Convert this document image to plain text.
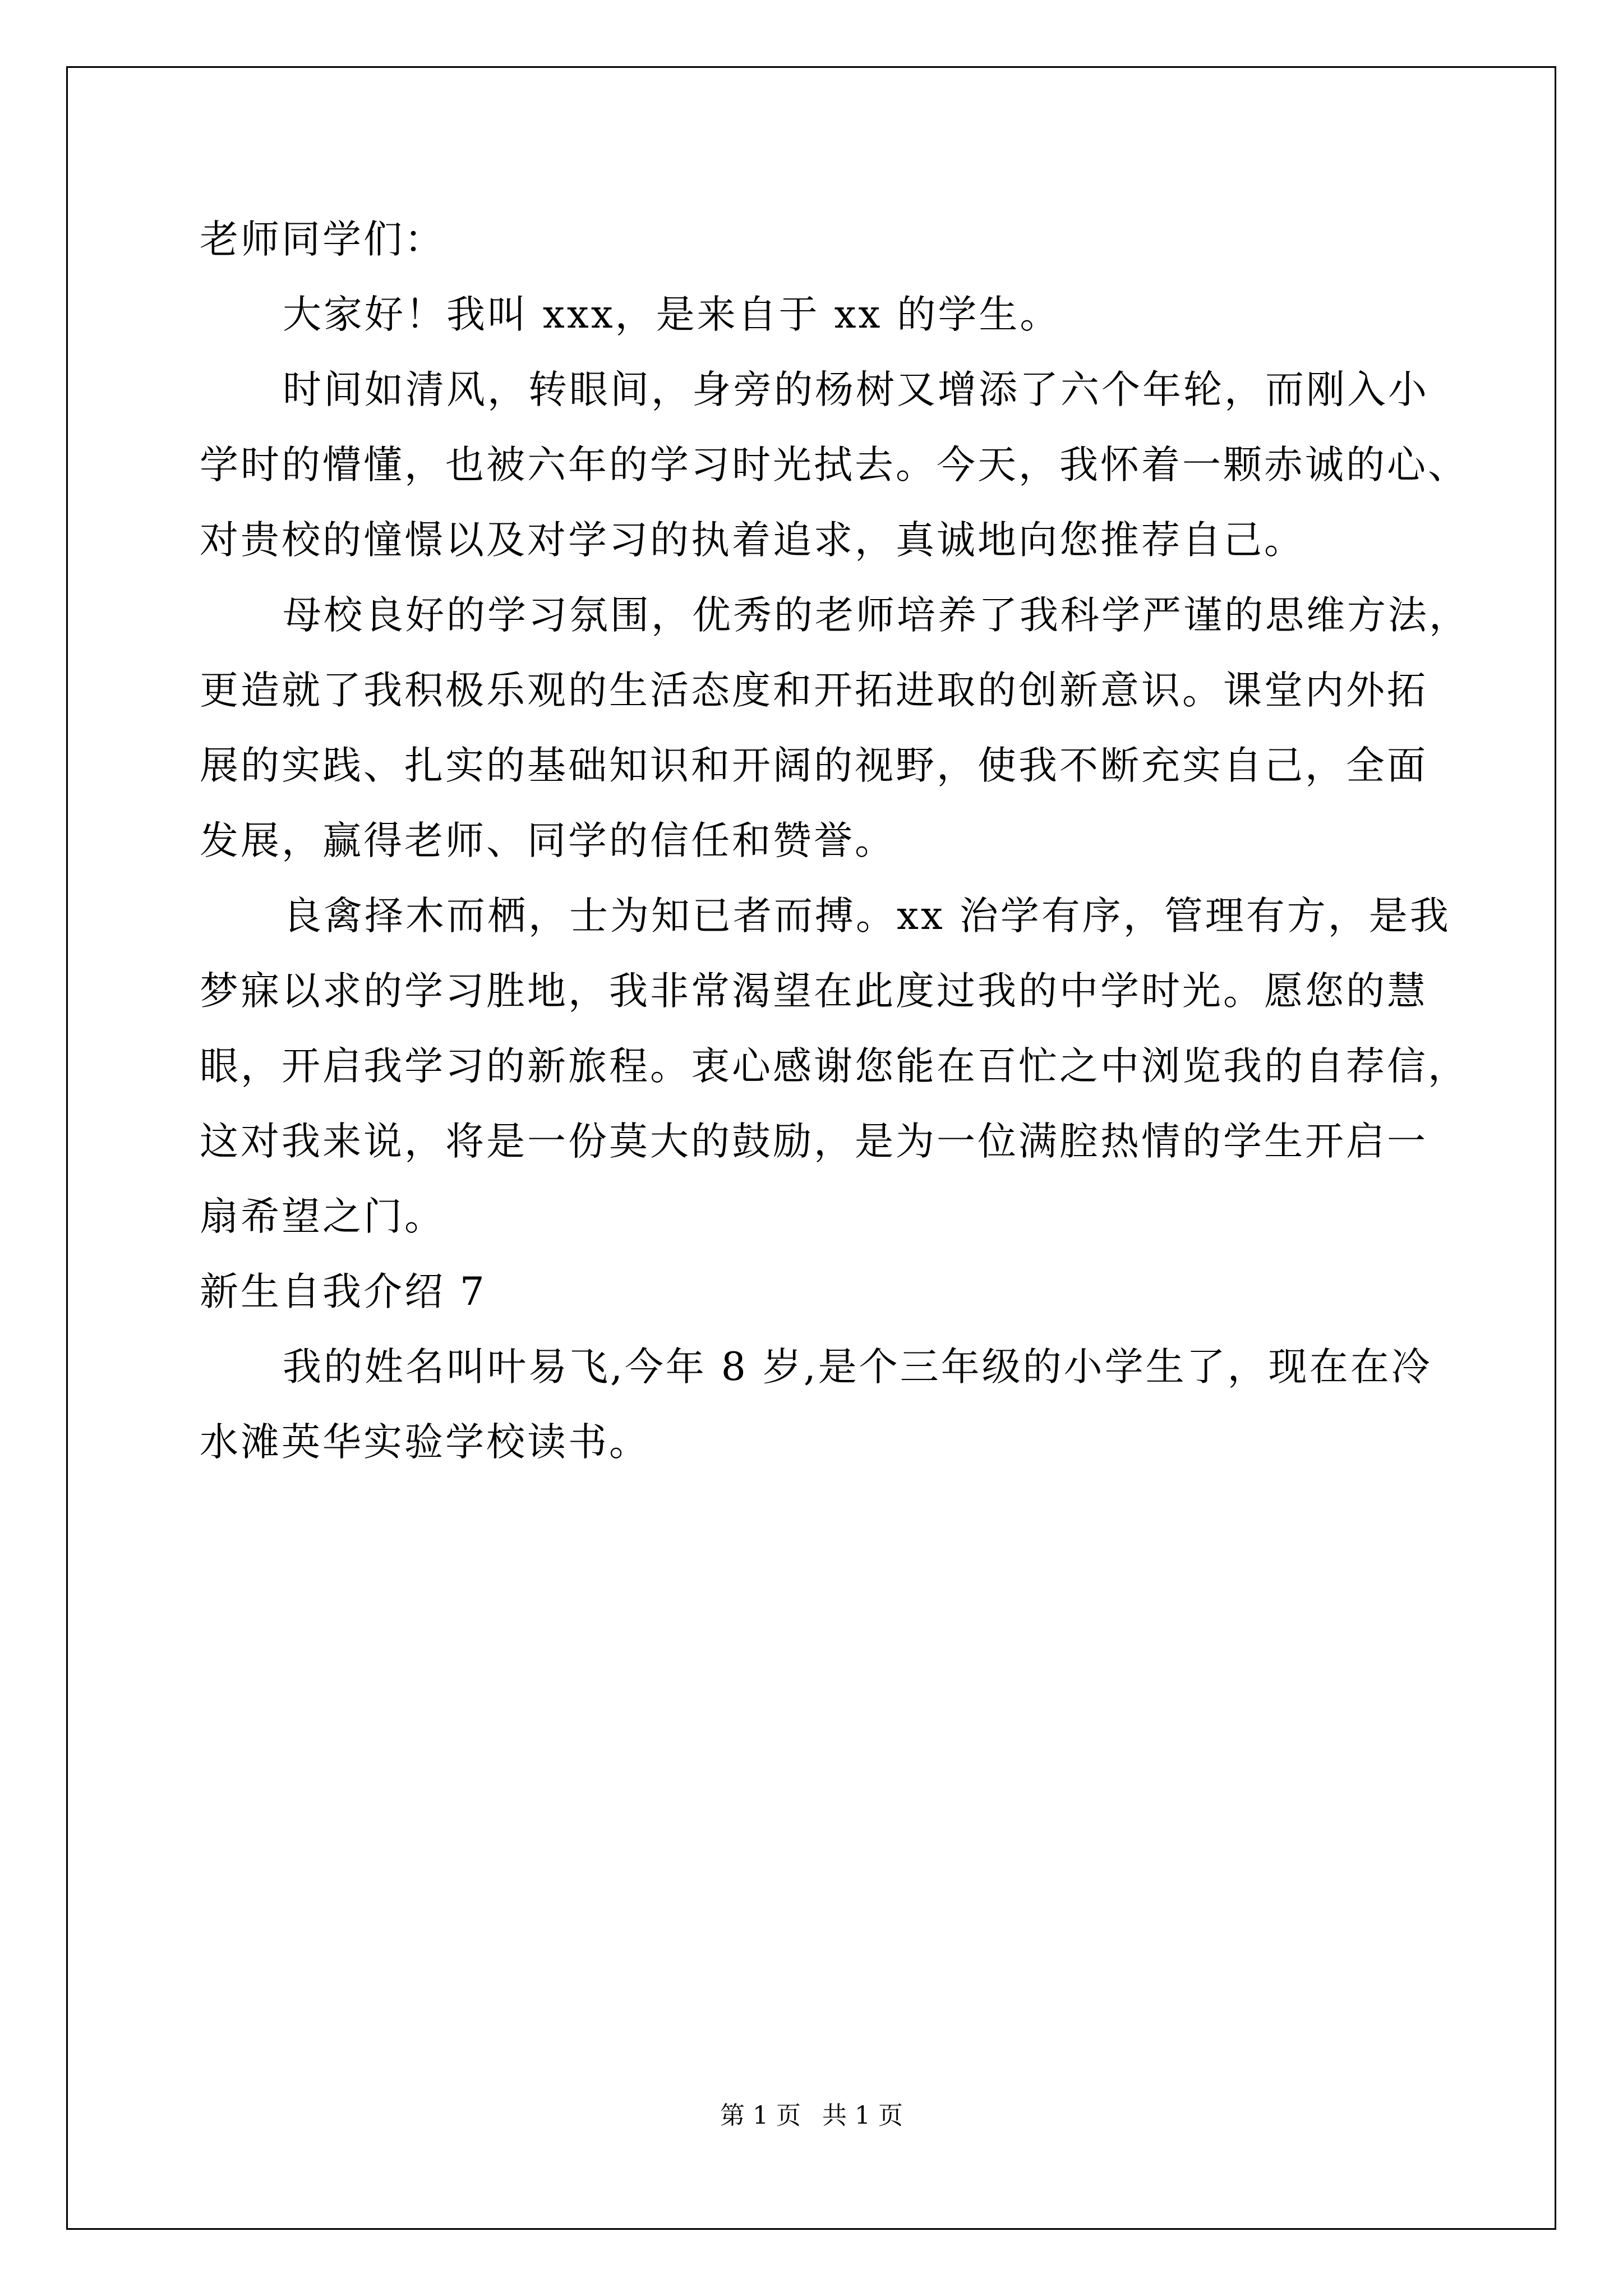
老师同学们：
大家好！我叫 xxx，是来自于 xx 的学生。
时间如清风，转眼间，身旁的杨树又增添了六个年轮，而刚入小
学时的懵懂，也被六年的学习时光拭去。今天，我怀着一颗赤诚的心、
对贵校的憧憬以及对学习的执着追求，真诚地向您推荐自己。
母校良好的学习氛围，优秀的老师培养了我科学严谨的思维方法，
更造就了我积极乐观的生活态度和开拓进取的创新意识。课堂内外拓
展的实践、扎实的基础知识和开阔的视野，使我不断充实自己，全面
发展，赢得老师、同学的信任和赞誉。
良禽择木而栖，士为知已者而搏。xx 治学有序，管理有方，是我
梦寐以求的学习胜地，我非常渴望在此度过我的中学时光。愿您的慧
眼，开启我学习的新旅程。衷心感谢您能在百忙之中浏览我的自荐信，
这对我来说，将是一份莫大的鼓励，是为一位满腔热情的学生开启一
扇希望之门。
新生自我介绍 7
我的姓名叫叶易飞,今年 8 岁,是个三年级的小学生了，现在在冷
水滩英华实验学校读书。
第 1 页 共 1 页
